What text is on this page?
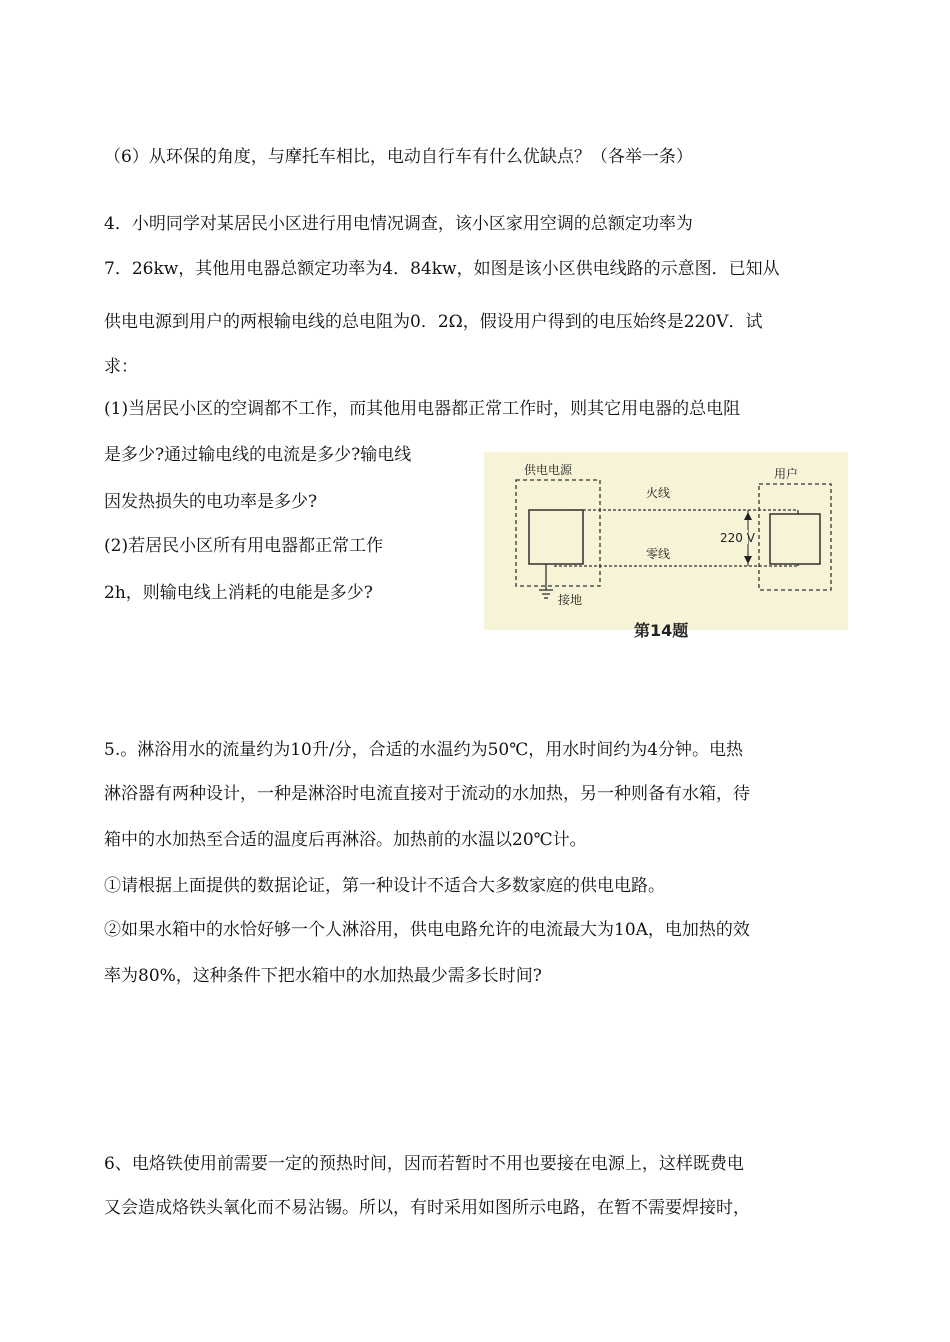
（6）从环保的角度，与摩托车相比，电动自行车有什么优缺点？（各举一条）
4．小明同学对某居民小区进行用电情况调查，该小区家用空调的总额定功率为
7．26kw，其他用电器总额定功率为4．84kw，如图是该小区供电线路的示意图．已知从
供电电源到用户的两根输电线的总电阻为0．2Ω，假设用户得到的电压始终是220V．试
求：
(1)当居民小区的空调都不工作，而其他用电器都正常工作时，则其它用电器的总电阻
是多少?通过输电线的电流是多少?输电线
因发热损失的电功率是多少?
(2)若居民小区所有用电器都正常工作
2h，则输电线上消耗的电能是多少?
供电电源	用户
火线
零线
220 V
接地
第14题
5.。淋浴用水的流量约为10升/分，合适的水温约为50℃，用水时间约为4分钟。电热
淋浴器有两种设计，一种是淋浴时电流直接对于流动的水加热，另一种则备有水箱，待
箱中的水加热至合适的温度后再淋浴。加热前的水温以20℃计。
①请根据上面提供的数据论证，第一种设计不适合大多数家庭的供电电路。
②如果水箱中的水恰好够一个人淋浴用，供电电路允许的电流最大为10A，电加热的效
率为80%，这种条件下把水箱中的水加热最少需多长时间?
6、电烙铁使用前需要一定的预热时间，因而若暂时不用也要接在电源上，这样既费电
又会造成烙铁头氧化而不易沾锡。所以，有时采用如图所示电路，在暂不需要焊接时，
